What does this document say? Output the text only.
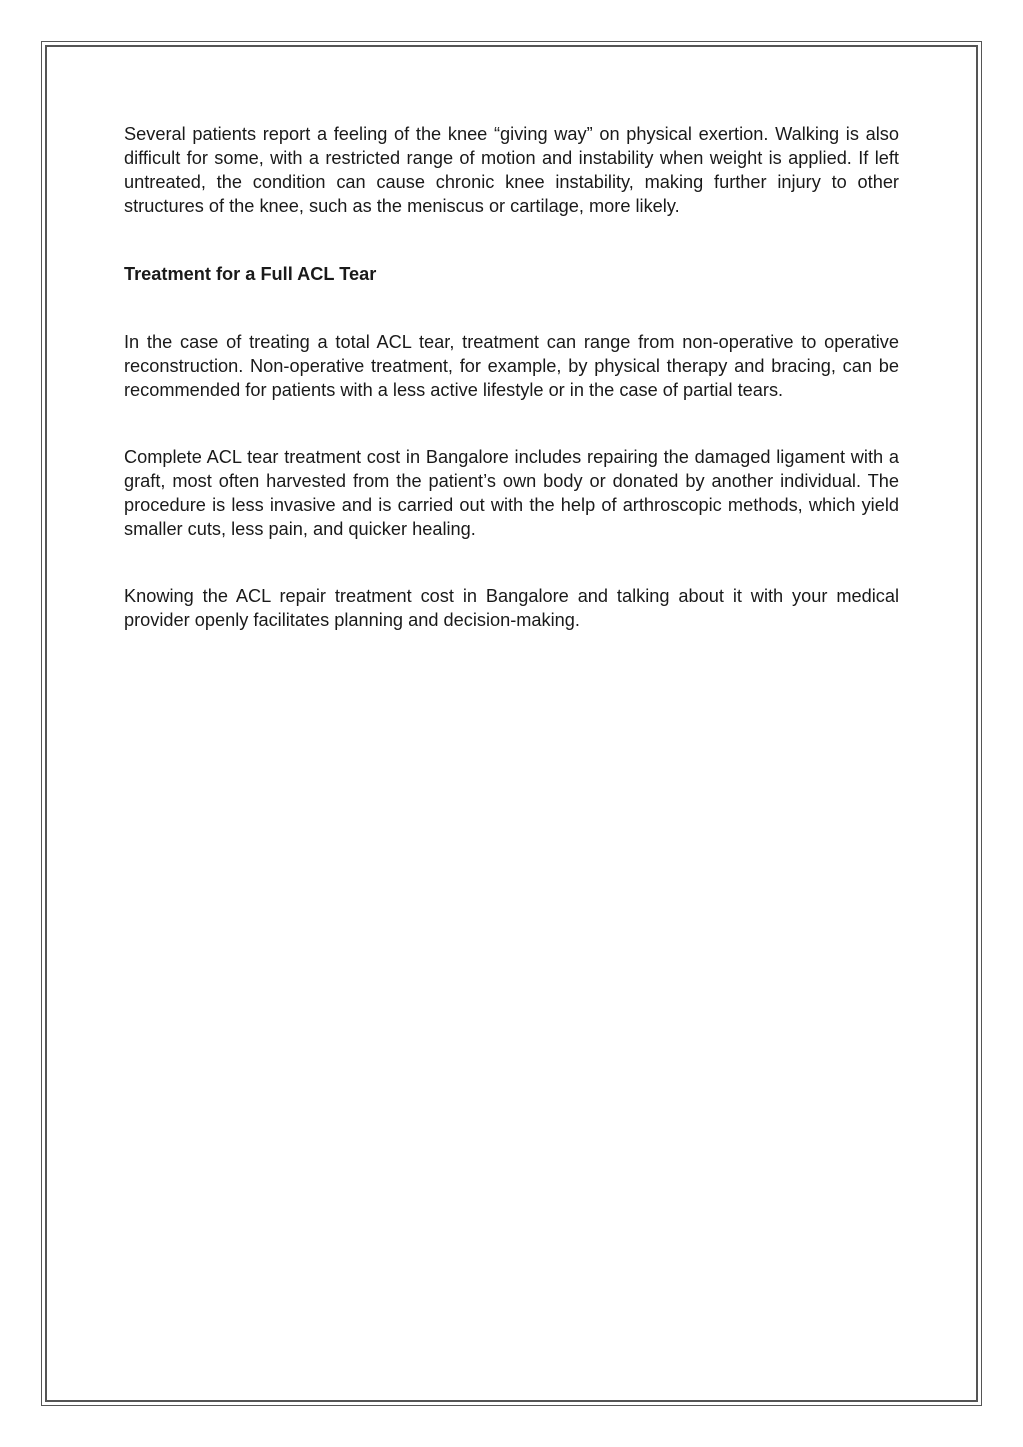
Several patients report a feeling of the knee “giving way” on physical exertion. Walking is also difficult for some, with a restricted range of motion and instability when weight is applied. If left untreated, the condition can cause chronic knee instability, making further injury to other structures of the knee, such as the meniscus or cartilage, more likely.

Treatment for a Full ACL Tear

In the case of treating a total ACL tear, treatment can range from non-operative to operative reconstruction. Non-operative treatment, for example, by physical therapy and bracing, can be recommended for patients with a less active lifestyle or in the case of partial tears.

Complete ACL tear treatment cost in Bangalore includes repairing the damaged ligament with a graft, most often harvested from the patient’s own body or donated by another individual. The procedure is less invasive and is carried out with the help of arthroscopic methods, which yield smaller cuts, less pain, and quicker healing.

Knowing the ACL repair treatment cost in Bangalore and talking about it with your medical provider openly facilitates planning and decision-making.
